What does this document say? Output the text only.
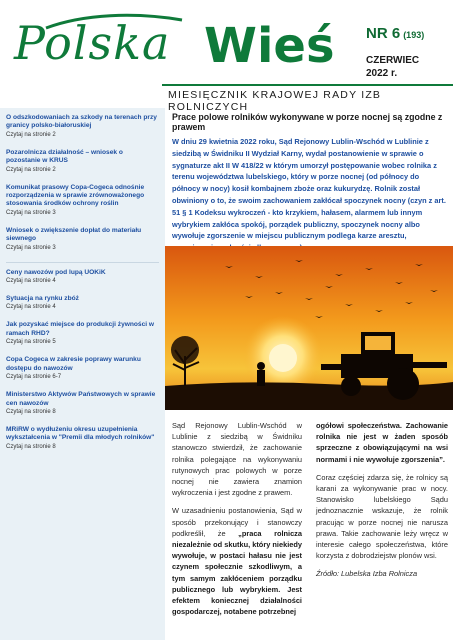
Polska Wieś NR 6 (193)
CZERWIEC
2022 r.
MIESIĘCZNIK KRAJOWEJ RADY IZB ROLNICZYCH
O odszkodowaniach za szkody na terenach przy granicy polsko-białoruskiej
Czytaj na stronie 2
Pozarolnicza działalność – wniosek o pozostanie w KRUS
Czytaj na stronie 2
Komunikat prasowy Copa-Cogeca odnośnie rozporządzenia w sprawie zrównoważonego stosowania środków ochrony roślin
Czytaj na stronie 3
Wniosek o zwiększenie dopłat do materiału siewnego
Czytaj na stronie 3
Ceny nawozów pod lupą UOKiK
Czytaj na stronie 4
Sytuacja na rynku zbóż
Czytaj na stronie 4
Jak pozyskać miejsce do produkcji żywności w ramach RHD?
Czytaj na stronie 5
Copa Cogeca w zakresie poprawy warunku dostępu do nawozów
Czytaj na stronie 6-7
Ministerstwo Aktywów Państwowych w sprawie cen nawozów
Czytaj na stronie 8
MRiRW o wydłużeniu okresu uzupełnienia wykształcenia w "Premii dla młodych rolników"
Czytaj na stronie 8
Prace polowe rolników wykonywane w porze nocnej są zgodne z prawem
W dniu 29 kwietnia 2022 roku, Sąd Rejonowy Lublin-Wschód w Lublinie z siedzibą w Świdniku II Wydział Karny, wydał postanowienie w sprawie o sygnaturze akt II W 418/22 w którym umorzył postępowanie wobec rolnika z terenu województwa lubelskiego, który w porze nocnej (od północy do północy w nocy) kosił kombajnem zboże oraz kukurydzę. Rolnik został obwiniony o to, że swoim zachowaniem zakłócał spoczynek nocny (czyn z art. 51 § 1 Kodeksu wykroczeń - kto krzykiem, hałasem, alarmem lub innym wybrykiem zakłóca spokój, porządek publiczny, spoczynek nocny albo wywołuje zgorszenie w miejscu publicznym podlega karze aresztu,

Sąd Rejonowy Lublin-Wschód w Lublinie z siedzibą w Świdniku stanowczo stwierdził, że zachowanie rolnika polegające na wykonywaniu rutynowych prac polowych w porze nocnej nie zawiera znamion wykroczenia i jest zgodne z prawem.

W uzasadnieniu postanowienia, Sąd w sposób przekonujący i stanowczy podkreślił, że „praca rolnicza niezależnie od skutku, który niekiedy wywołuje, w postaci hałasu nie jest czynem społecznie szkodliwym, a tym samym zakłóceniem porządku publicznego lub wybrykiem. Jest efektem koniecznej działalności gospodarczej, notabene potrzebnej

ogółowi społeczeństwa. Zachowanie rolnika nie jest w żaden sposób sprzeczne z obowiązującymi na wsi normami i nie wywołuje zgorszenia”.

Coraz częściej zdarza się, że rolnicy są karani za wykonywanie prac w nocy. Stanowisko lubelskiego Sądu jednoznacznie wskazuje, że rolnik pracując w porze nocnej nie narusza prawa. Takie zachowanie leży wręcz w interesie całego społeczeństwa, które korzysta z dobrodziejstw plonów wsi.

Źródło: Lubelska Izba Rolnicza
